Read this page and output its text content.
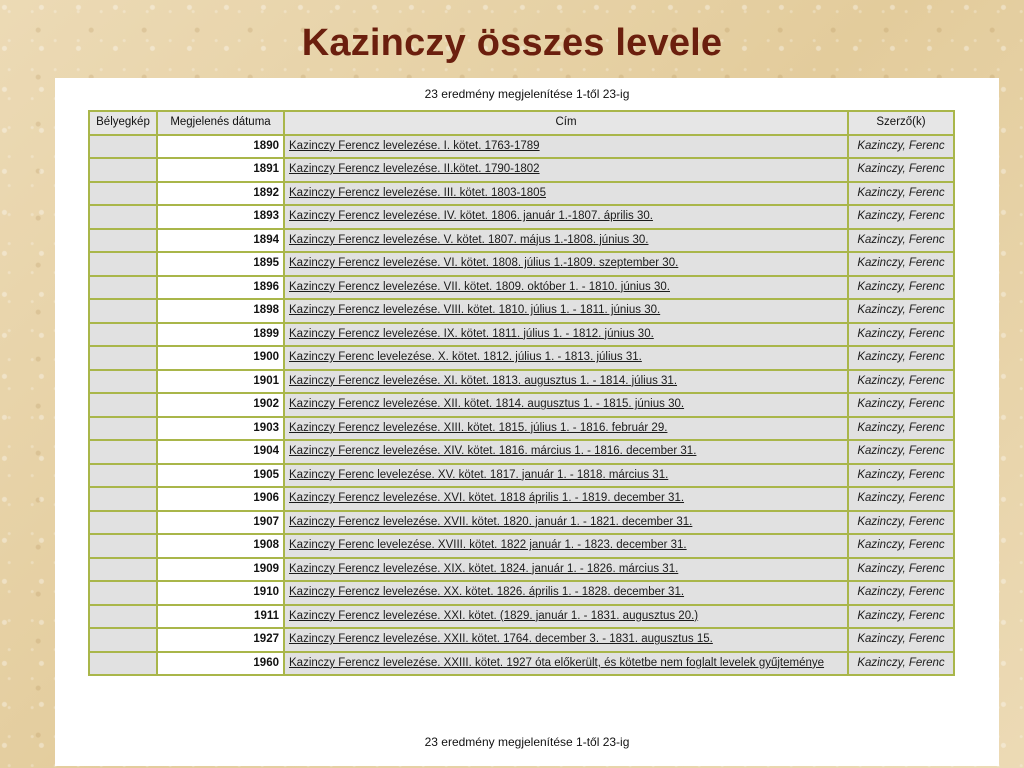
Kazinczy összes levele
23 eredmény megjelenítése 1-től 23-ig
Bélyegkép	Megjelenés dátuma	Cím	Szerző(k)
	1890	Kazinczy Ferencz levelezése. I. kötet. 1763-1789	Kazinczy, Ferenc
	1891	Kazinczy Ferencz levelezése. II.kötet. 1790-1802	Kazinczy, Ferenc
	1892	Kazinczy Ferencz levelezése. III. kötet. 1803-1805	Kazinczy, Ferenc
	1893	Kazinczy Ferencz levelezése. IV. kötet. 1806. január 1.-1807. április 30.	Kazinczy, Ferenc
	1894	Kazinczy Ferencz levelezése. V. kötet. 1807. május 1.-1808. június 30.	Kazinczy, Ferenc
	1895	Kazinczy Ferencz levelezése. VI. kötet. 1808. július 1.-1809. szeptember 30.	Kazinczy, Ferenc
	1896	Kazinczy Ferencz levelezése. VII. kötet. 1809. október 1. - 1810. június 30.	Kazinczy, Ferenc
	1898	Kazinczy Ferencz levelezése. VIII. kötet. 1810. július 1. - 1811. június 30.	Kazinczy, Ferenc
	1899	Kazinczy Ferencz levelezése. IX. kötet. 1811. július 1. - 1812. június 30.	Kazinczy, Ferenc
	1900	Kazinczy Ferenc levelezése. X. kötet. 1812. július 1. - 1813. július 31.	Kazinczy, Ferenc
	1901	Kazinczy Ferencz levelezése. XI. kötet. 1813. augusztus 1. - 1814. július 31.	Kazinczy, Ferenc
	1902	Kazinczy Ferencz levelezése. XII. kötet. 1814. augusztus 1. - 1815. június 30.	Kazinczy, Ferenc
	1903	Kazinczy Ferencz levelezése. XIII. kötet. 1815. július 1. - 1816. február 29.	Kazinczy, Ferenc
	1904	Kazinczy Ferencz levelezése. XIV. kötet. 1816. március 1. - 1816. december 31.	Kazinczy, Ferenc
	1905	Kazinczy Ferenc levelezése. XV. kötet. 1817. január 1. - 1818. március 31.	Kazinczy, Ferenc
	1906	Kazinczy Ferencz levelezése. XVI. kötet. 1818 április 1. - 1819. december 31.	Kazinczy, Ferenc
	1907	Kazinczy Ferencz levelezése. XVII. kötet. 1820. január 1. - 1821. december 31.	Kazinczy, Ferenc
	1908	Kazinczy Ferenc levelezése. XVIII. kötet. 1822 január 1. - 1823. december 31.	Kazinczy, Ferenc
	1909	Kazinczy Ferencz levelezése. XIX. kötet. 1824. január 1. - 1826. március 31.	Kazinczy, Ferenc
	1910	Kazinczy Ferencz levelezése. XX. kötet. 1826. április 1. - 1828. december 31.	Kazinczy, Ferenc
	1911	Kazinczy Ferencz levelezése. XXI. kötet. (1829. január 1. - 1831. augusztus 20.)	Kazinczy, Ferenc
	1927	Kazinczy Ferencz levelezése. XXII. kötet. 1764. december 3. - 1831. augusztus 15.	Kazinczy, Ferenc
	1960	Kazinczy Ferencz levelezése. XXIII. kötet. 1927 óta előkerült, és kötetbe nem foglalt levelek gyűjteménye	Kazinczy, Ferenc
23 eredmény megjelenítése 1-től 23-ig
